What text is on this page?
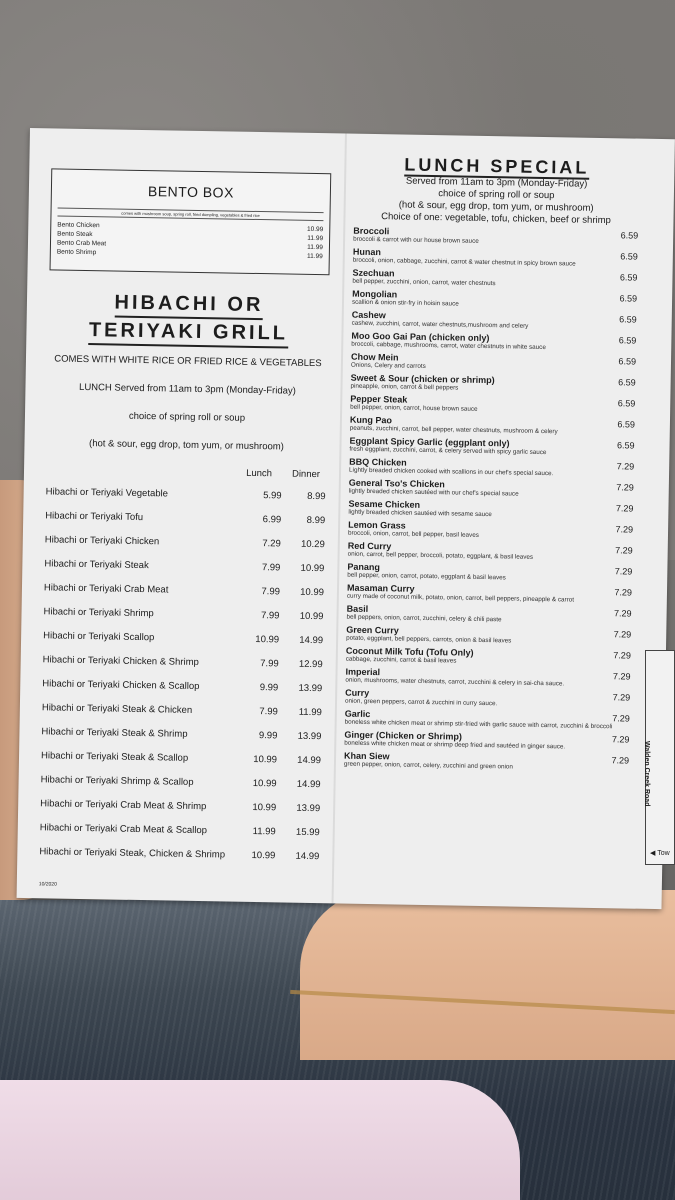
BENTO BOX
comes with mushroom soup, spring roll, fried dumpling, vegetables & fried rice
Bento Chicken
10.99
Bento Steak
11.99
Bento Crab Meat
11.99
Bento Shrimp
11.99
HIBACHI OR
TERIYAKI GRILL
COMES WITH WHITE RICE OR FRIED RICE & VEGETABLES
LUNCH Served from 11am to 3pm (Monday-Friday)
choice of spring roll or soup
(hot & sour, egg drop, tom yum, or mushroom)
Lunch Dinner
Hibachi or Teriyaki Vegetable	5.99	8.99
Hibachi or Teriyaki Tofu	6.99	8.99
Hibachi or Teriyaki Chicken	7.29	10.29
Hibachi or Teriyaki Steak	7.99	10.99
Hibachi or Teriyaki Crab Meat	7.99	10.99
Hibachi or Teriyaki Shrimp	7.99	10.99
Hibachi or Teriyaki Scallop	10.99	14.99
Hibachi or Teriyaki Chicken & Shrimp	7.99	12.99
Hibachi or Teriyaki Chicken & Scallop	9.99	13.99
Hibachi or Teriyaki Steak & Chicken	7.99	11.99
Hibachi or Teriyaki Steak & Shrimp	9.99	13.99
Hibachi or Teriyaki Steak & Scallop	10.99	14.99
Hibachi or Teriyaki Shrimp & Scallop	10.99	14.99
Hibachi or Teriyaki Crab Meat & Shrimp	10.99	13.99
Hibachi or Teriyaki Crab Meat & Scallop	11.99	15.99
Hibachi or Teriyaki Steak, Chicken & Shrimp	10.99	14.99
10/2020
LUNCH SPECIAL
Served from 11am to 3pm (Monday-Friday)
choice of spring roll or soup
(hot & sour, egg drop, tom yum, or mushroom)
Choice of one: vegetable, tofu, chicken, beef or shrimp
Broccoli	6.59
broccoli & carrot with our house brown sauce
Hunan	6.59
broccoli, onion, cabbage, zucchini, carrot & water chestnut in spicy brown sauce
Szechuan	6.59
bell pepper, zucchini, onion, carrot, water chestnuts
Mongolian	6.59
scallion & onion stir-fry in hoisin sauce
Cashew	6.59
cashew, zucchini, carrot, water chestnuts,mushroom and celery
Moo Goo Gai Pan (chicken only)	6.59
broccoli, cabbage, mushrooms, carrot, water chestnuts in white sauce
Chow Mein	6.59
Onions, Celery and carrots
Sweet & Sour (chicken or shrimp)	6.59
pineapple, onion, carrot & bell peppers
Pepper Steak	6.59
bell pepper, onion, carrot, house brown sauce
Kung Pao	6.59
peanuts, zucchini, carrot, bell pepper, water chestnuts, mushroom & celery
Eggplant Spicy Garlic (eggplant only)	6.59
fresh eggplant, zucchini, carrot, & celery served with spicy garlic sauce
BBQ Chicken	7.29
Lightly breaded chicken cooked with scallions in our chef's special sauce.
General Tso's Chicken	7.29
lightly breaded chicken sautéed with our chef's special sauce
Sesame Chicken	7.29
lightly breaded chicken sautéed with sesame sauce
Lemon Grass	7.29
broccoli, onion, carrot, bell pepper, basil leaves
Red Curry	7.29
onion, carrot, bell pepper, broccoli, potato, eggplant, & basil leaves
Panang	7.29
bell pepper, onion, carrot, potato, eggplant & basil leaves
Masaman Curry	7.29
curry made of coconut milk, potato, onion, carrot, bell peppers, pineapple & carrot
Basil	7.29
bell peppers, onion, carrot, zucchini, celery & chili paste
Green Curry	7.29
potato, eggplant, bell peppers, carrots, onion & basil leaves
Coconut Milk Tofu (Tofu Only)	7.29
cabbage, zucchini, carrot & basil leaves
Imperial	7.29
onion, mushrooms, water chestnuts, carrot, zucchini & celery in sai-cha sauce.
Curry	7.29
onion, green peppers, carrot & zucchini in curry sauce.
Garlic	7.29
boneless white chicken meat or shrimp stir-fried with garlic sauce with carrot, zucchini & broccoli
Ginger (Chicken or Shrimp)	7.29
boneless white chicken meat or shrimp deep fried and sautéed in ginger sauce.
Khan Siew	7.29
green pepper, onion, carrot, celery, zucchini and green onion	Walden Creek Road
◀ Tow
